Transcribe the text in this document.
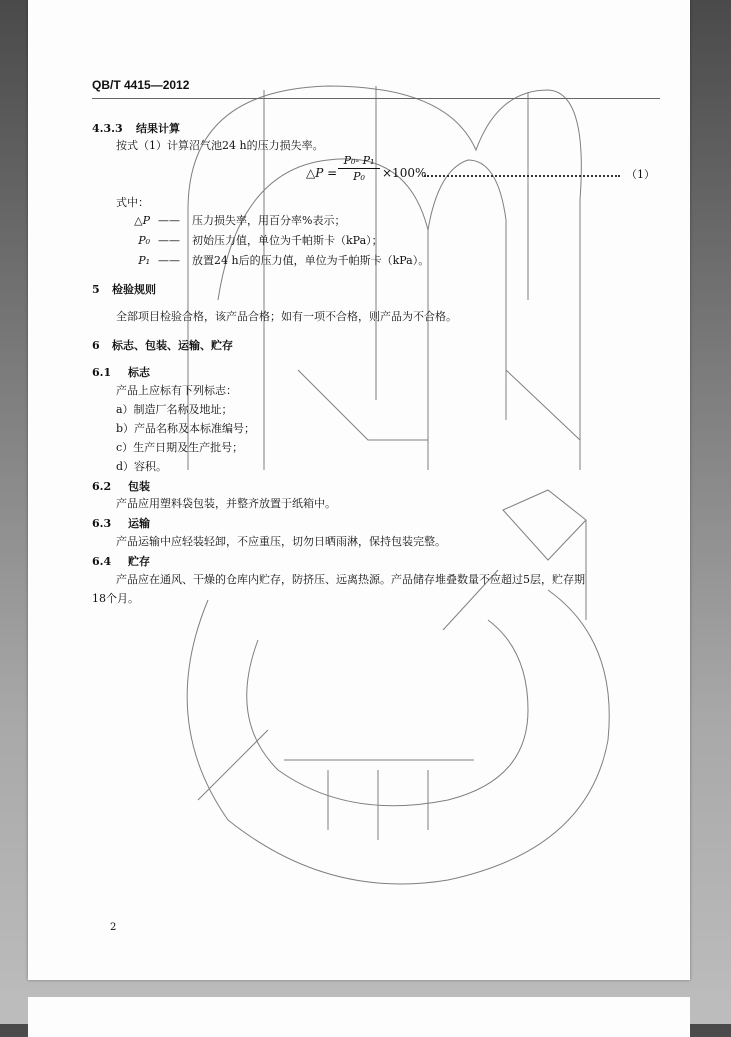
QB/T 4415—2012
4.3.3 结果计算
按式（1）计算沼气池24 h的压力损失率。
△P = $\frac{\text{P₀- P₁}}{\text{P₀}} \times 100\%$	（1）
式中：
△P —— 压力损失率，用百分率%表示；
P₀ —— 初始压力值，单位为千帕斯卡（kPa）；
P₁ —— 放置24 h后的压力值，单位为千帕斯卡（kPa）。
5 检验规则
全部项目检验合格，该产品合格；如有一项不合格，则产品为不合格。
6 标志、包装、运输、贮存
6.1 标志
产品上应标有下列标志：
a）制造厂名称及地址；
b）产品名称及本标准编号；
c）生产日期及生产批号；
d）容积。
6.2 包装
产品应用塑料袋包装，并整齐放置于纸箱中。
6.3 运输
产品运输中应轻装轻卸，不应重压，切勿日晒雨淋，保持包装完整。
6.4 贮存
产品应在通风、干燥的仓库内贮存，防挤压、远离热源。产品储存堆叠数量不应超过5层，贮存期
18个月。
2
